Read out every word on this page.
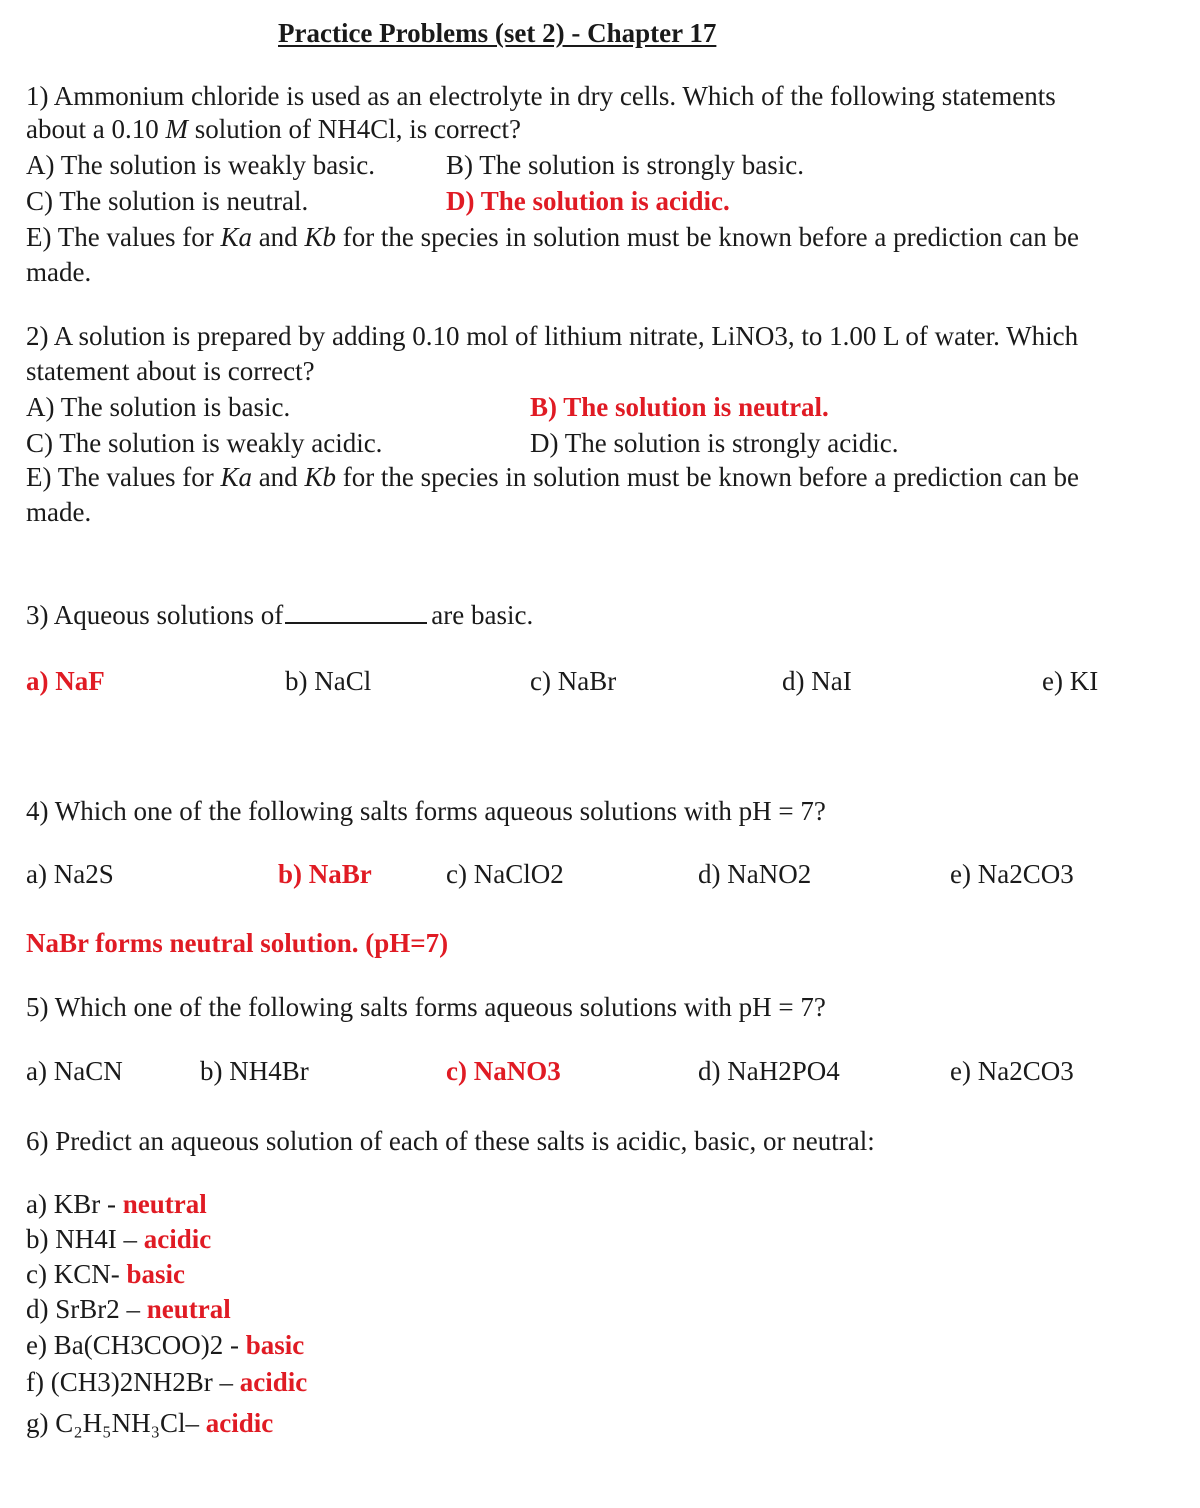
Practice Problems (set 2) - Chapter 17
1) Ammonium chloride is used as an electrolyte in dry cells. Which of the following statements
about a 0.10 M solution of NH4Cl, is correct?
A) The solution is weakly basic.	B) The solution is strongly basic.
C) The solution is neutral.	D) The solution is acidic.
E) The values for Ka and Kb for the species in solution must be known before a prediction can be
made.
2) A solution is prepared by adding 0.10 mol of lithium nitrate, LiNO3, to 1.00 L of water. Which
statement about is correct?
A) The solution is basic.	B) The solution is neutral.
C) The solution is weakly acidic.	D) The solution is strongly acidic.
E) The values for Ka and Kb for the species in solution must be known before a prediction can be
made.
3) Aqueous solutions of	are basic.
a) NaF	b) NaCl	c) NaBr	d) NaI	e) KI
4) Which one of the following salts forms aqueous solutions with pH = 7?
a) Na2S	b) NaBr	c) NaClO2	d) NaNO2	e) Na2CO3
NaBr forms neutral solution. (pH=7)
5) Which one of the following salts forms aqueous solutions with pH = 7?
a) NaCN	b) NH4Br	c) NaNO3	d) NaH2PO4	e) Na2CO3
6) Predict an aqueous solution of each of these salts is acidic, basic, or neutral:
a) KBr - neutral
b) NH4I – acidic
c) KCN- basic
d) SrBr2 – neutral
e) Ba(CH3COO)2 - basic
f) (CH3)2NH2Br – acidic
g) C₂H₅NH₃Cl– acidic
